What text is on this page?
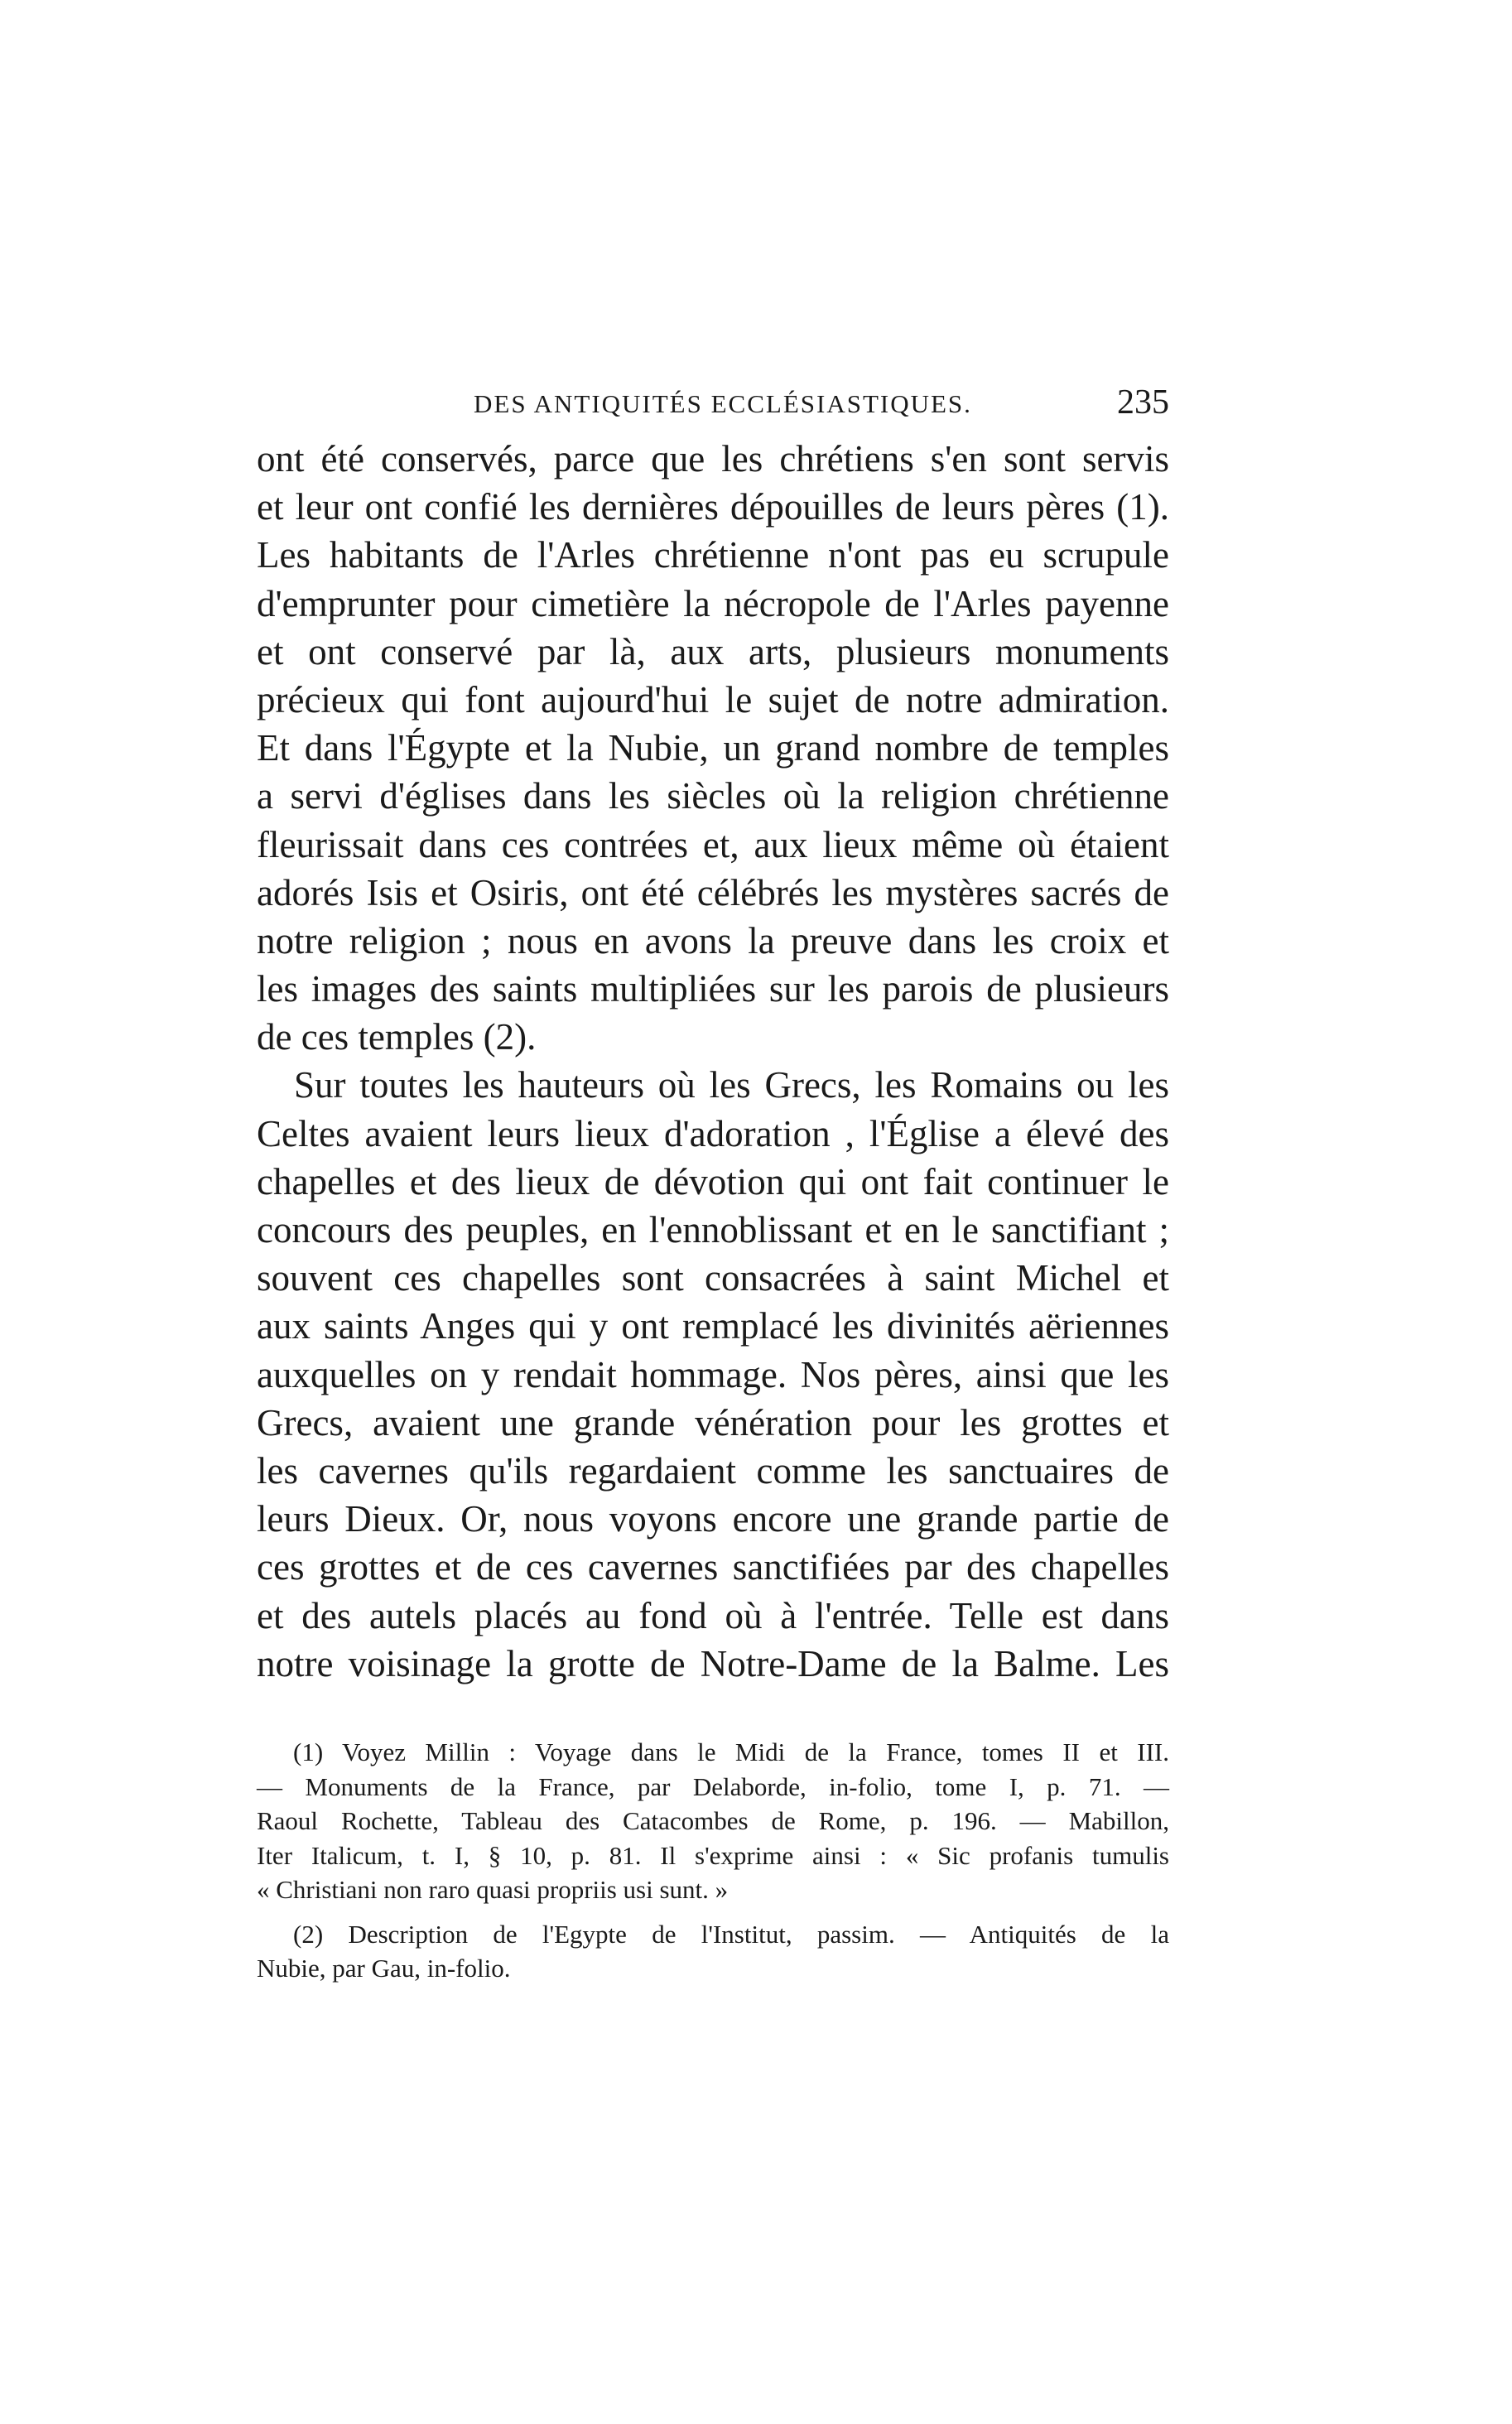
DES ANTIQUITÉS ECCLÉSIASTIQUES.	235
ont été conservés, parce que les chrétiens s'en sont servis
et leur ont confié les dernières dépouilles de leurs pères (1).
Les habitants de l'Arles chrétienne n'ont pas eu scrupule
d'emprunter pour cimetière la nécropole de l'Arles payenne
et ont conservé par là, aux arts, plusieurs monuments
précieux qui font aujourd'hui le sujet de notre admiration.
Et dans l'Égypte et la Nubie, un grand nombre de temples
a servi d'églises dans les siècles où la religion chrétienne
fleurissait dans ces contrées et, aux lieux même où étaient
adorés Isis et Osiris, ont été célébrés les mystères sacrés de
notre religion ; nous en avons la preuve dans les croix et
les images des saints multipliées sur les parois de plusieurs
de ces temples (2).
Sur toutes les hauteurs où les Grecs, les Romains ou les
Celtes avaient leurs lieux d'adoration , l'Église a élevé des
chapelles et des lieux de dévotion qui ont fait continuer le
concours des peuples, en l'ennoblissant et en le sanctifiant ;
souvent ces chapelles sont consacrées à saint Michel et
aux saints Anges qui y ont remplacé les divinités aëriennes
auxquelles on y rendait hommage. Nos pères, ainsi que les
Grecs, avaient une grande vénération pour les grottes et
les cavernes qu'ils regardaient comme les sanctuaires de
leurs Dieux. Or, nous voyons encore une grande partie de
ces grottes et de ces cavernes sanctifiées par des chapelles
et des autels placés au fond où à l'entrée. Telle est dans
notre voisinage la grotte de Notre-Dame de la Balme. Les
(1) Voyez Millin : Voyage dans le Midi de la France, tomes II et III.
— Monuments de la France, par Delaborde, in-folio, tome I, p. 71. —
Raoul Rochette, Tableau des Catacombes de Rome, p. 196. — Mabillon,
Iter Italicum, t. I, § 10, p. 81. Il s'exprime ainsi : « Sic profanis tumulis
« Christiani non raro quasi propriis usi sunt. »
(2) Description de l'Egypte de l'Institut, passim. — Antiquités de la
Nubie, par Gau, in-folio.
